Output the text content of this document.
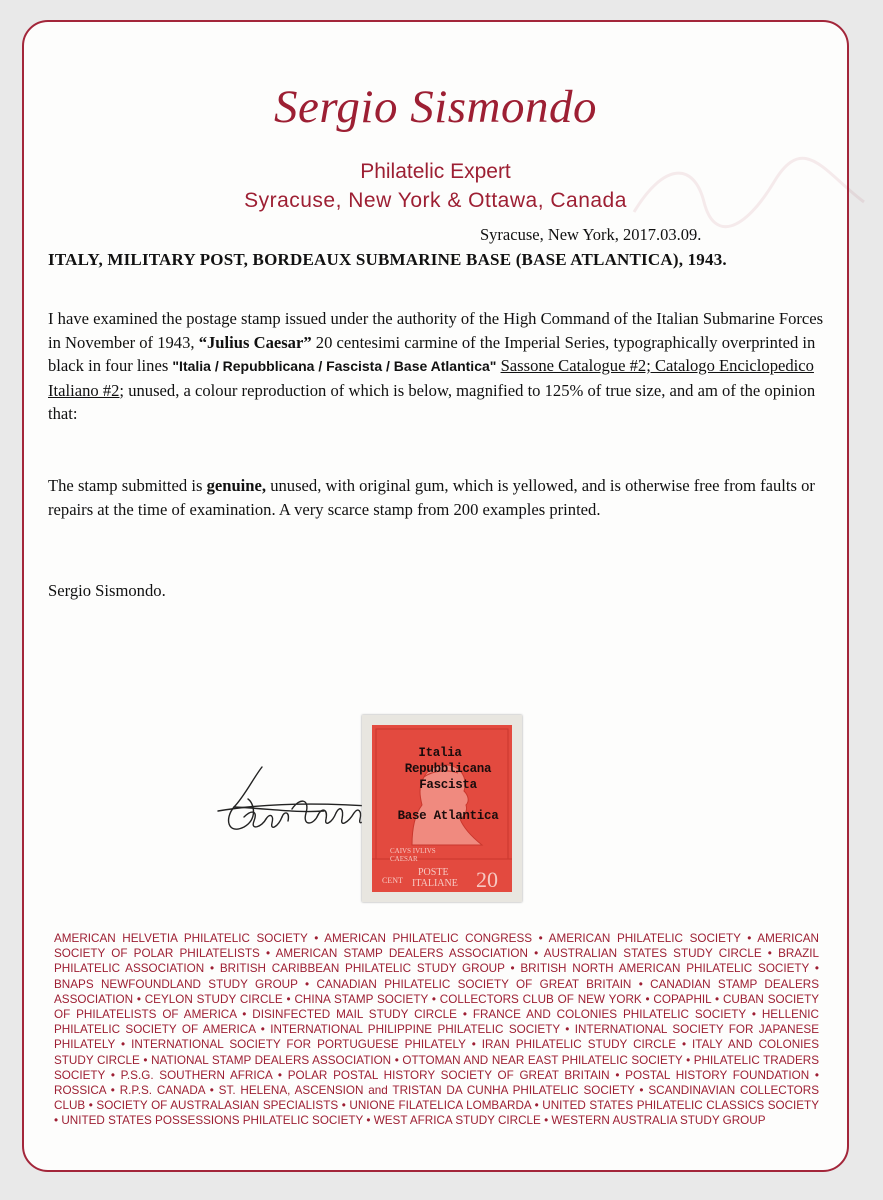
Sergio Sismondo
Philatelic Expert
Syracuse, New York & Ottawa, Canada
Syracuse, New York, 2017.03.09.
ITALY, MILITARY POST, BORDEAUX SUBMARINE BASE (BASE ATLANTICA), 1943.

I have examined the postage stamp issued under the authority of the High Command of the Italian Submarine Forces in November of 1943, “Julius Caesar” 20 centesimi carmine of the Imperial Series, typographically overprinted in black in four lines "Italia / Repubblicana / Fascista / Base Atlantica" Sassone Catalogue #2; Catalogo Enciclopedico Italiano #2; unused, a colour reproduction of which is below, magnified to 125% of true size, and am of the opinion that:

The stamp submitted is genuine, unused, with original gum, which is yellowed, and is otherwise free from faults or repairs at the time of examination. A very scarce stamp from 200 examples printed.

Sergio Sismondo.

CAIVS IVLIVS
CAESAR
CENT
POSTE
ITALIANE 20
Italia
Repubblicana
Fascista
Base Atlantica
AMERICAN HELVETIA PHILATELIC SOCIETY • AMERICAN PHILATELIC CONGRESS • AMERICAN PHILATELIC SOCIETY • AMERICAN SOCIETY OF POLAR PHILATELISTS • AMERICAN STAMP DEALERS ASSOCIATION • AUSTRALIAN STATES STUDY CIRCLE • BRAZIL PHILATELIC ASSOCIATION • BRITISH CARIBBEAN PHILATELIC STUDY GROUP • BRITISH NORTH AMERICAN PHILATELIC SOCIETY • BNAPS NEWFOUNDLAND STUDY GROUP • CANADIAN PHILATELIC SOCIETY OF GREAT BRITAIN • CANADIAN STAMP DEALERS ASSOCIATION • CEYLON STUDY CIRCLE • CHINA STAMP SOCIETY • COLLECTORS CLUB OF NEW YORK • COPAPHIL • CUBAN SOCIETY OF PHILATELISTS OF AMERICA • DISINFECTED MAIL STUDY CIRCLE • FRANCE AND COLONIES PHILATELIC SOCIETY • HELLENIC PHILATELIC SOCIETY OF AMERICA • INTERNATIONAL PHILIPPINE PHILATELIC SOCIETY • INTERNATIONAL SOCIETY FOR JAPANESE PHILATELY • INTERNATIONAL SOCIETY FOR PORTUGUESE PHILATELY • IRAN PHILATELIC STUDY CIRCLE • ITALY AND COLONIES STUDY CIRCLE • NATIONAL STAMP DEALERS ASSOCIATION • OTTOMAN AND NEAR EAST PHILATELIC SOCIETY • PHILATELIC TRADERS SOCIETY • P.S.G. SOUTHERN AFRICA • POLAR POSTAL HISTORY SOCIETY OF GREAT BRITAIN • POSTAL HISTORY FOUNDATION • ROSSICA • R.P.S. CANADA • ST. HELENA, ASCENSION and TRISTAN DA CUNHA PHILATELIC SOCIETY • SCANDINAVIAN COLLECTORS CLUB • SOCIETY OF AUSTRALASIAN SPECIALISTS • UNIONE FILATELICA LOMBARDA • UNITED STATES PHILATELIC CLASSICS SOCIETY • UNITED STATES POSSESSIONS PHILATELIC SOCIETY • WEST AFRICA STUDY CIRCLE • WESTERN AUSTRALIA STUDY GROUP
